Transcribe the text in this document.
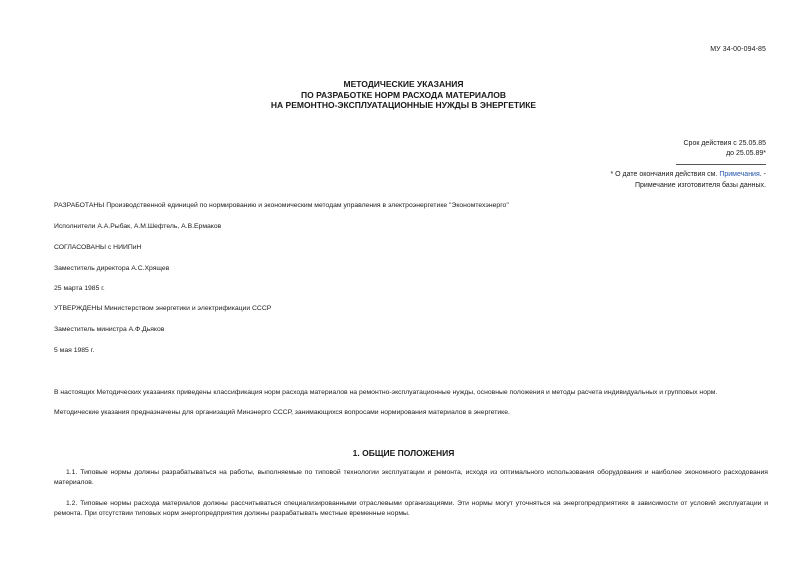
МУ 34-00-094-85
МЕТОДИЧЕСКИЕ УКАЗАНИЯ
ПО РАЗРАБОТКЕ НОРМ РАСХОДА МАТЕРИАЛОВ
НА РЕМОНТНО-ЭКСПЛУАТАЦИОННЫЕ НУЖДЫ В ЭНЕРГЕТИКЕ
Срок действия с 25.05.85
до 25.05.89*
* О дате окончания действия см. Примечания. -
Примечание изготовителя базы данных.
РАЗРАБОТАНЫ Производственной единицей по нормированию и экономическим методам управления в электроэнергетике "Экономтехэнерго"
Исполнители А.А.Рыбак, А.М.Шефтель, А.В.Ермаков
СОГЛАСОВАНЫ с НИИПиН
Заместитель директора А.С.Хрящев
25 марта 1985 г.
УТВЕРЖДЕНЫ Министерством энергетики и электрификации СССР
Заместитель министра А.Ф.Дьяков
5 мая 1985 г.
В настоящих Методических указаниях приведены классификация норм расхода материалов на ремонтно-эксплуатационные нужды, основные положения и методы расчета индивидуальных и групповых норм.
Методические указания предназначены для организаций Минэнерго СССР, занимающихся вопросами нормирования материалов в энергетике.
1. ОБЩИЕ ПОЛОЖЕНИЯ
1.1. Типовые нормы должны разрабатываться на работы, выполняемые по типовой технологии эксплуатации и ремонта, исходя из оптимального использования оборудования и наиболее экономного расходования материалов.
1.2. Типовые нормы расхода материалов должны рассчитываться специализированными отраслевыми организациями. Эти нормы могут уточняться на энергопредприятиях в зависимости от условий эксплуатации и ремонта. При отсутствии типовых норм энергопредприятия должны разрабатывать местные временные нормы.
